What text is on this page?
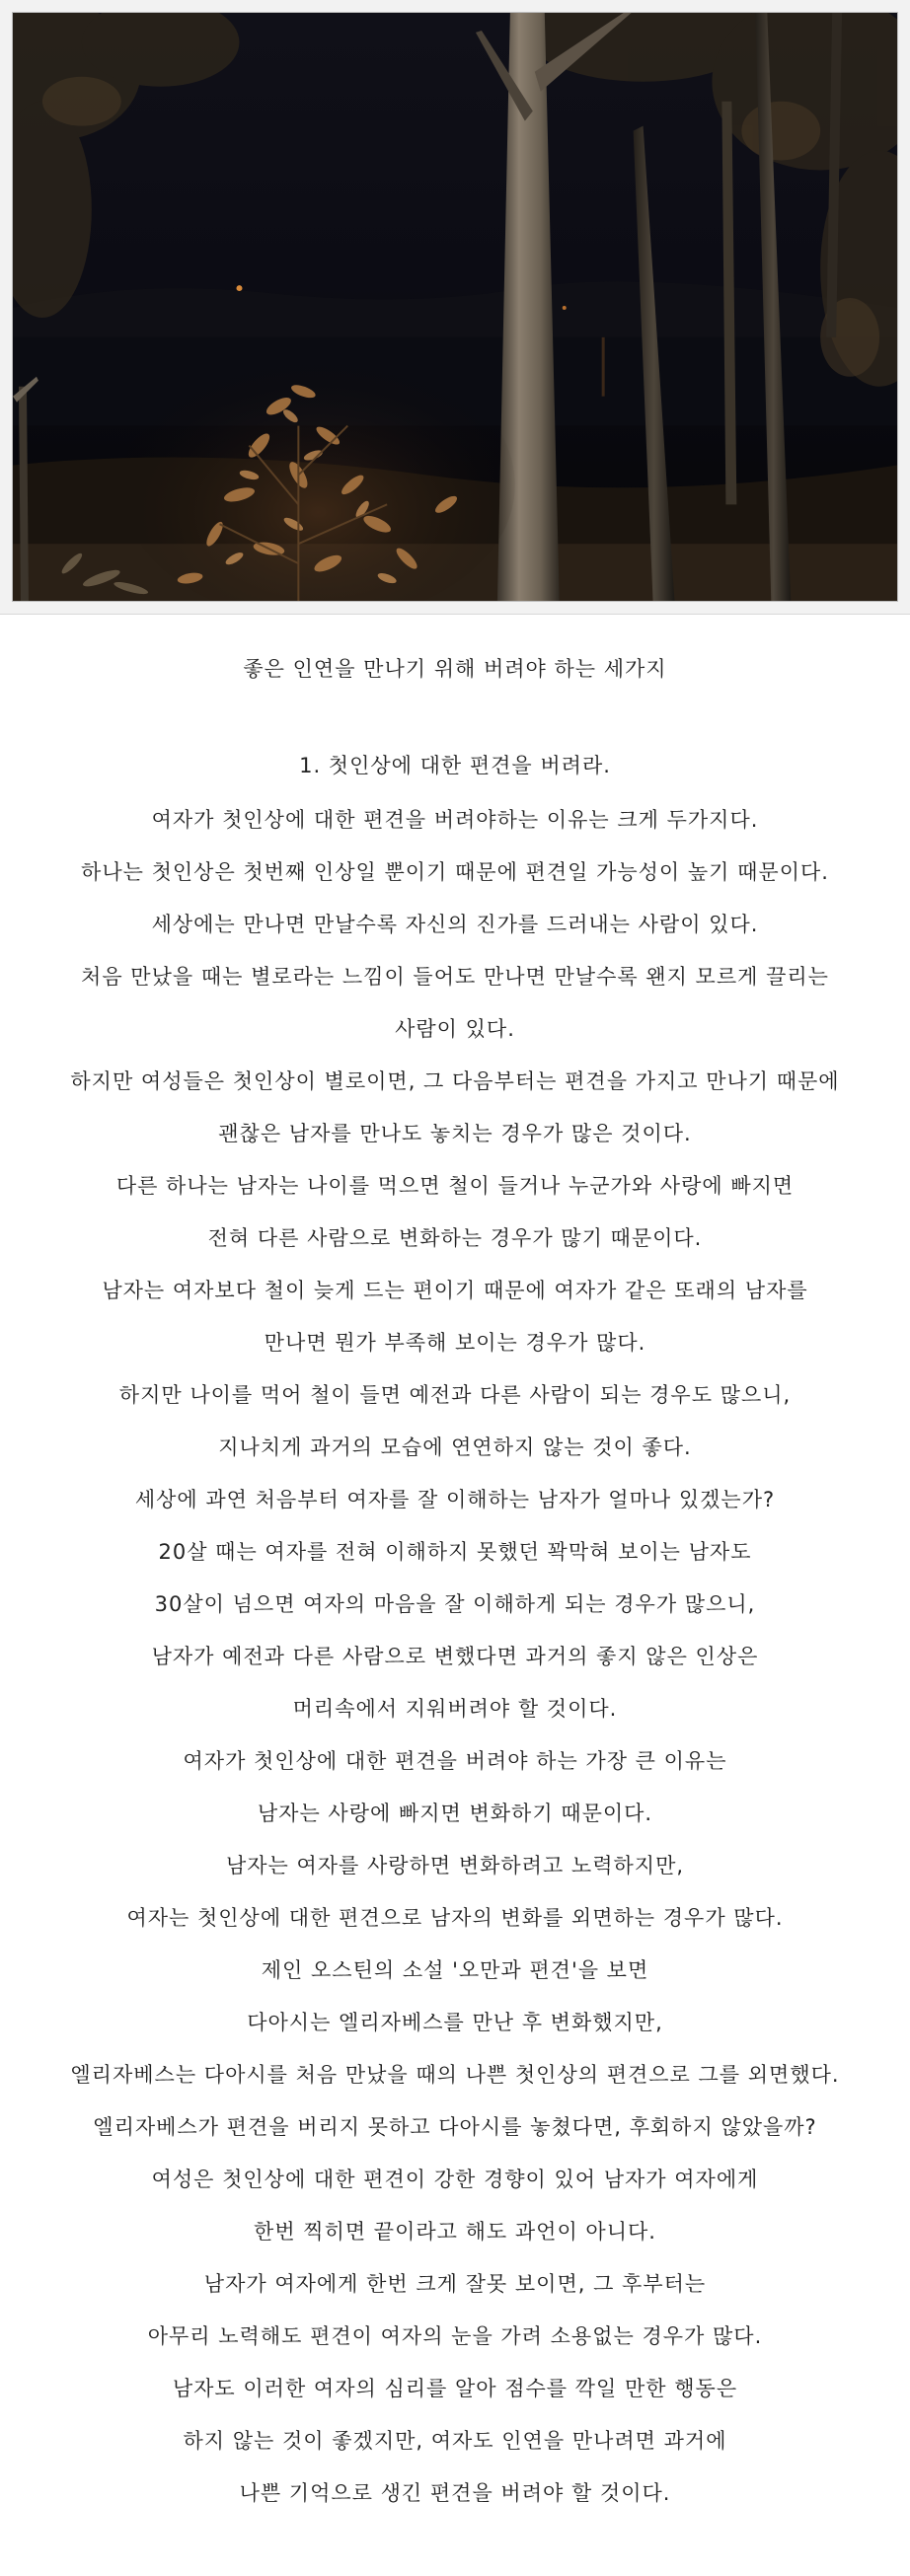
좋은 인연을 만나기 위해 버려야 하는 세가지
1. 첫인상에 대한 편견을 버려라.
여자가 첫인상에 대한 편견을 버려야하는 이유는 크게 두가지다.
하나는 첫인상은 첫번째 인상일 뿐이기 때문에 편견일 가능성이 높기 때문이다.
세상에는 만나면 만날수록 자신의 진가를 드러내는 사람이 있다.
처음 만났을 때는 별로라는 느낌이 들어도 만나면 만날수록 왠지 모르게 끌리는
사람이 있다.
하지만 여성들은 첫인상이 별로이면, 그 다음부터는 편견을 가지고 만나기 때문에
괜찮은 남자를 만나도 놓치는 경우가 많은 것이다.
다른 하나는 남자는 나이를 먹으면 철이 들거나 누군가와 사랑에 빠지면
전혀 다른 사람으로 변화하는 경우가 많기 때문이다.
남자는 여자보다 철이 늦게 드는 편이기 때문에 여자가 같은 또래의 남자를
만나면 뭔가 부족해 보이는 경우가 많다.
하지만 나이를 먹어 철이 들면 예전과 다른 사람이 되는 경우도 많으니,
지나치게 과거의 모습에 연연하지 않는 것이 좋다.
세상에 과연 처음부터 여자를 잘 이해하는 남자가 얼마나 있겠는가?
20살 때는 여자를 전혀 이해하지 못했던 꽉막혀 보이는 남자도
30살이 넘으면 여자의 마음을 잘 이해하게 되는 경우가 많으니,
남자가 예전과 다른 사람으로 변했다면 과거의 좋지 않은 인상은
머리속에서 지워버려야 할 것이다.
여자가 첫인상에 대한 편견을 버려야 하는 가장 큰 이유는
남자는 사랑에 빠지면 변화하기 때문이다.
남자는 여자를 사랑하면 변화하려고 노력하지만,
여자는 첫인상에 대한 편견으로 남자의 변화를 외면하는 경우가 많다.
제인 오스틴의 소설 '오만과 편견'을 보면
다아시는 엘리자베스를 만난 후 변화했지만,
엘리자베스는 다아시를 처음 만났을 때의 나쁜 첫인상의 편견으로 그를 외면했다.
엘리자베스가 편견을 버리지 못하고 다아시를 놓쳤다면, 후회하지 않았을까?
여성은 첫인상에 대한 편견이 강한 경향이 있어 남자가 여자에게
한번 찍히면 끝이라고 해도 과언이 아니다.
남자가 여자에게 한번 크게 잘못 보이면, 그 후부터는
아무리 노력해도 편견이 여자의 눈을 가려 소용없는 경우가 많다.
남자도 이러한 여자의 심리를 알아 점수를 깍일 만한 행동은
하지 않는 것이 좋겠지만, 여자도 인연을 만나려면 과거에
나쁜 기억으로 생긴 편견을 버려야 할 것이다.
